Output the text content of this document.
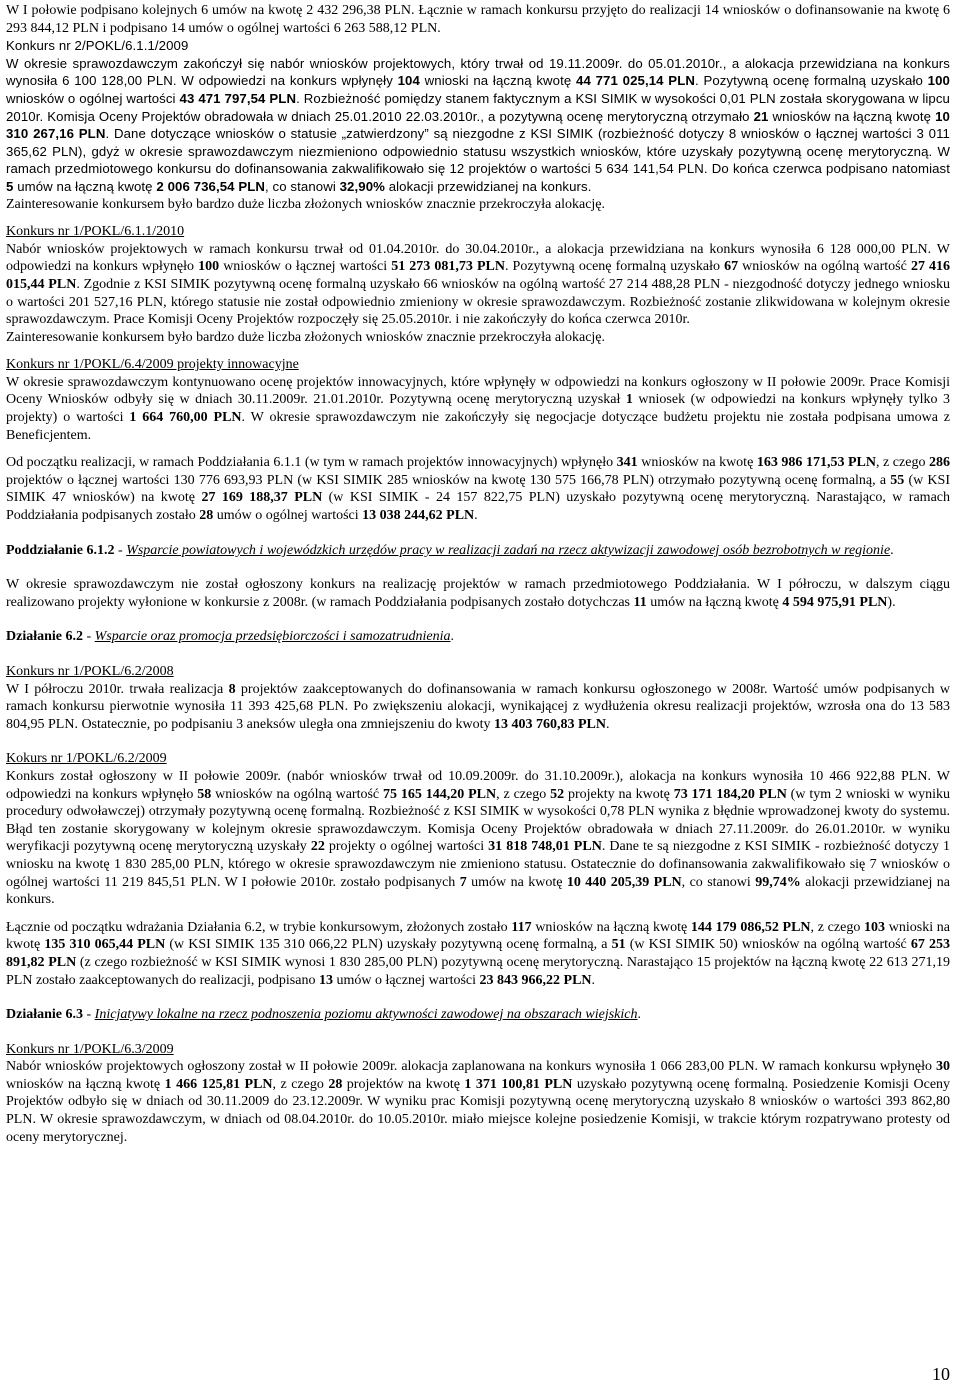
W I połowie podpisano kolejnych 6 umów na kwotę 2 432 296,38 PLN. Łącznie w ramach konkursu przyjęto do realizacji 14 wniosków o dofinansowanie na kwotę 6 293 844,12 PLN i podpisano 14 umów o ogólnej wartości 6 263 588,12 PLN.

Konkurs nr 2/POKL/6.1.1/2009

W okresie sprawozdawczym zakończył się nabór wniosków projektowych, który trwał od 19.11.2009r. do 05.01.2010r., a alokacja przewidziana na konkurs wynosiła 6 100 128,00 PLN. W odpowiedzi na konkurs wpłynęły 104 wnioski na łączną kwotę 44 771 025,14 PLN. Pozytywną ocenę formalną uzyskało 100 wniosków o ogólnej wartości 43 471 797,54 PLN. Rozbieżność pomiędzy stanem faktycznym a KSI SIMIK w wysokości 0,01 PLN została skorygowana w lipcu 2010r. Komisja Oceny Projektów obradowała w dniach 25.01.2010 22.03.2010r., a pozytywną ocenę merytoryczną otrzymało 21 wniosków na łączną kwotę 10 310 267,16 PLN. Dane dotyczące wniosków o statusie „zatwierdzony” są niezgodne z KSI SIMIK (rozbieżność dotyczy 8 wniosków o łącznej wartości 3 011 365,62 PLN), gdyż w okresie sprawozdawczym niezmieniono odpowiednio statusu wszystkich wniosków, które uzyskały pozytywną ocenę merytoryczną. W ramach przedmiotowego konkursu do dofinansowania zakwalifikowało się 12 projektów o wartości 5 634 141,54 PLN. Do końca czerwca podpisano natomiast 5 umów na łączną kwotę 2 006 736,54 PLN, co stanowi 32,90% alokacji przewidzianej na konkurs.

Zainteresowanie konkursem było bardzo duże liczba złożonych wniosków znacznie przekroczyła alokację.

Konkurs nr 1/POKL/6.1.1/2010

Nabór wniosków projektowych w ramach konkursu trwał od 01.04.2010r. do 30.04.2010r., a alokacja przewidziana na konkurs wynosiła 6 128 000,00 PLN. W odpowiedzi na konkurs wpłynęło 100 wniosków o łącznej wartości 51 273 081,73 PLN. Pozytywną ocenę formalną uzyskało 67 wniosków na ogólną wartość 27 416 015,44 PLN. Zgodnie z KSI SIMIK pozytywną ocenę formalną uzyskało 66 wniosków na ogólną wartość 27 214 488,28 PLN - niezgodność dotyczy jednego wniosku o wartości 201 527,16 PLN, którego statusie nie został odpowiednio zmieniony w okresie sprawozdawczym. Rozbieżność zostanie zlikwidowana w kolejnym okresie sprawozdawczym. Prace Komisji Oceny Projektów rozpoczęły się 25.05.2010r. i nie zakończyły do końca czerwca 2010r.

Zainteresowanie konkursem było bardzo duże liczba złożonych wniosków znacznie przekroczyła alokację.

Konkurs nr 1/POKL/6.4/2009 projekty innowacyjne

W okresie sprawozdawczym kontynuowano ocenę projektów innowacyjnych, które wpłynęły w odpowiedzi na konkurs ogłoszony w II połowie 2009r. Prace Komisji Oceny Wniosków odbyły się w dniach 30.11.2009r. 21.01.2010r. Pozytywną ocenę merytoryczną uzyskał 1 wniosek (w odpowiedzi na konkurs wpłynęły tylko 3 projekty) o wartości 1 664 760,00 PLN. W okresie sprawozdawczym nie zakończyły się negocjacje dotyczące budżetu projektu nie została podpisana umowa z Beneficjentem.

Od początku realizacji, w ramach Poddziałania 6.1.1 (w tym w ramach projektów innowacyjnych) wpłynęło 341 wniosków na kwotę 163 986 171,53 PLN, z czego 286 projektów o łącznej wartości 130 776 693,93 PLN (w KSI SIMIK 285 wniosków na kwotę 130 575 166,78 PLN) otrzymało pozytywną ocenę formalną, a 55 (w KSI SIMIK 47 wniosków) na kwotę 27 169 188,37 PLN (w KSI SIMIK - 24 157 822,75 PLN) uzyskało pozytywną ocenę merytoryczną. Narastająco, w ramach Poddziałania podpisanych zostało 28 umów o ogólnej wartości 13 038 244,62 PLN.

Poddziałanie 6.1.2 - Wsparcie powiatowych i wojewódzkich urzędów pracy w realizacji zadań na rzecz aktywizacji zawodowej osób bezrobotnych w regionie.

W okresie sprawozdawczym nie został ogłoszony konkurs na realizację projektów w ramach przedmiotowego Poddziałania. W I półroczu, w dalszym ciągu realizowano projekty wyłonione w konkursie z 2008r. (w ramach Poddziałania podpisanych zostało dotychczas 11 umów na łączną kwotę 4 594 975,91 PLN).

Działanie 6.2 - Wsparcie oraz promocja przedsiębiorczości i samozatrudnienia.

Konkurs nr 1/POKL/6.2/2008

W I półroczu 2010r. trwała realizacja 8 projektów zaakceptowanych do dofinansowania w ramach konkursu ogłoszonego w 2008r. Wartość umów podpisanych w ramach konkursu pierwotnie wynosiła 11 393 425,68 PLN. Po zwiększeniu alokacji, wynikającej z wydłużenia okresu realizacji projektów, wzrosła ona do 13 583 804,95 PLN. Ostatecznie, po podpisaniu 3 aneksów uległa ona zmniejszeniu do kwoty 13 403 760,83 PLN.

Kokurs nr 1/POKL/6.2/2009

Konkurs został ogłoszony w II połowie 2009r. (nabór wniosków trwał od 10.09.2009r. do 31.10.2009r.), alokacja na konkurs wynosiła 10 466 922,88 PLN. W odpowiedzi na konkurs wpłynęło 58 wniosków na ogólną wartość 75 165 144,20 PLN, z czego 52 projekty na kwotę 73 171 184,20 PLN (w tym 2 wnioski w wyniku procedury odwoławczej) otrzymały pozytywną ocenę formalną. Rozbieżność z KSI SIMIK w wysokości 0,78 PLN wynika z błędnie wprowadzonej kwoty do systemu. Błąd ten zostanie skorygowany w kolejnym okresie sprawozdawczym. Komisja Oceny Projektów obradowała w dniach 27.11.2009r. do 26.01.2010r. w wyniku weryfikacji pozytywną ocenę merytoryczną uzyskały 22 projekty o ogólnej wartości 31 818 748,01 PLN. Dane te są niezgodne z KSI SIMIK - rozbieżność dotyczy 1 wniosku na kwotę 1 830 285,00 PLN, którego w okresie sprawozdawczym nie zmieniono statusu. Ostatecznie do dofinansowania zakwalifikowało się 7 wniosków o ogólnej wartości 11 219 845,51 PLN. W I połowie 2010r. zostało podpisanych 7 umów na kwotę 10 440 205,39 PLN, co stanowi 99,74% alokacji przewidzianej na konkurs.

Łącznie od początku wdrażania Działania 6.2, w trybie konkursowym, złożonych zostało 117 wniosków na łączną kwotę 144 179 086,52 PLN, z czego 103 wnioski na kwotę 135 310 065,44 PLN (w KSI SIMIK 135 310 066,22 PLN) uzyskały pozytywną ocenę formalną, a 51 (w KSI SIMIK 50) wniosków na ogólną wartość 67 253 891,82 PLN (z czego rozbieżność w KSI SIMIK wynosi 1 830 285,00 PLN) pozytywną ocenę merytoryczną. Narastająco 15 projektów na łączną kwotę 22 613 271,19 PLN zostało zaakceptowanych do realizacji, podpisano 13 umów o łącznej wartości 23 843 966,22 PLN.

Działanie 6.3 - Inicjatywy lokalne na rzecz podnoszenia poziomu aktywności zawodowej na obszarach wiejskich.

Konkurs nr 1/POKL/6.3/2009

Nabór wniosków projektowych ogłoszony został w II połowie 2009r. alokacja zaplanowana na konkurs wynosiła 1 066 283,00 PLN. W ramach konkursu wpłynęło 30 wniosków na łączną kwotę 1 466 125,81 PLN, z czego 28 projektów na kwotę 1 371 100,81 PLN uzyskało pozytywną ocenę formalną. Posiedzenie Komisji Oceny Projektów odbyło się w dniach od 30.11.2009 do 23.12.2009r. W wyniku prac Komisji pozytywną ocenę merytoryczną uzyskało 8 wniosków o wartości 393 862,80 PLN. W okresie sprawozdawczym, w dniach od 08.04.2010r. do 10.05.2010r. miało miejsce kolejne posiedzenie Komisji, w trakcie którym rozpatrywano protesty od oceny merytorycznej.

10
